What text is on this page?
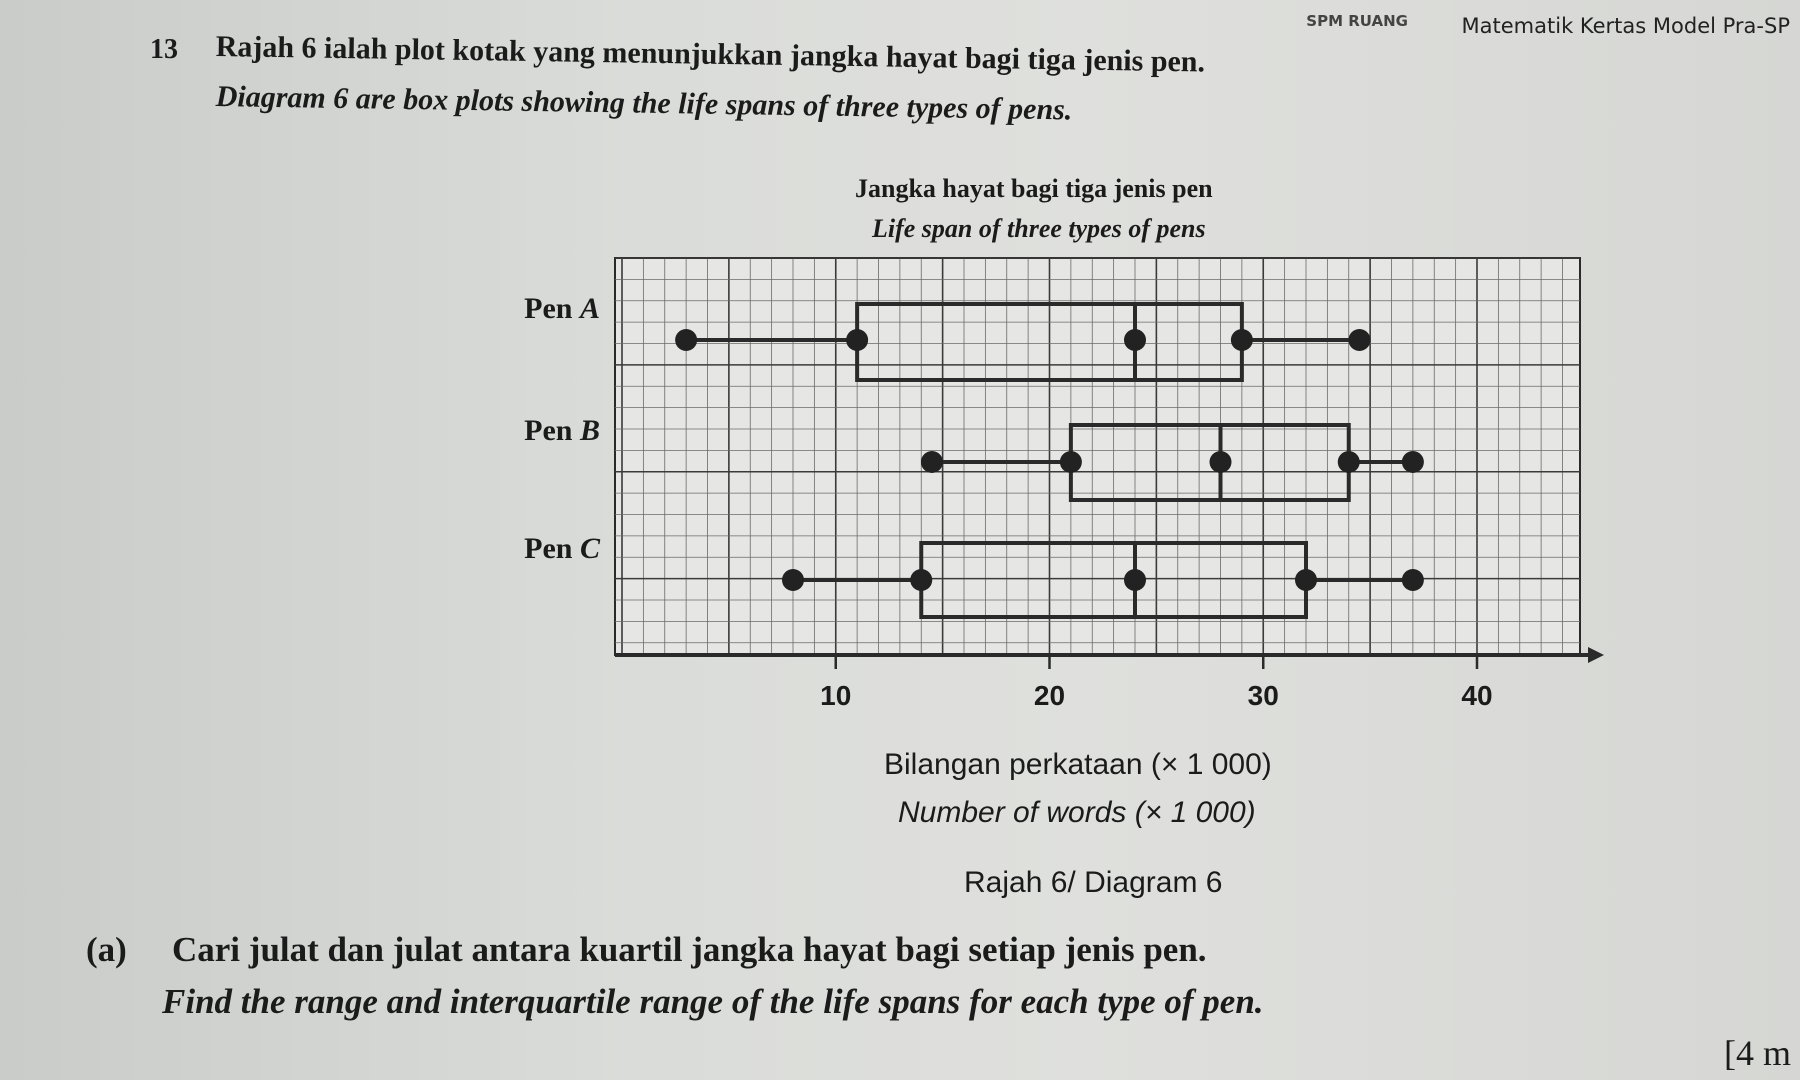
SPM RUANG	Matematik Kertas Model Pra-SP
13 Rajah 6 ialah plot kotak yang menunjukkan jangka hayat bagi tiga jenis pen.
Diagram 6 are box plots showing the life spans of three types of pens.
Jangka hayat bagi tiga jenis pen
Life span of three types of pens
10	20	30	40
Pen A
Pen B
Pen C
Bilangan perkataan (× 1 000)
Number of words (× 1 000)
Rajah 6/ Diagram 6
(a) Cari julat dan julat antara kuartil jangka hayat bagi setiap jenis pen.
Find the range and interquartile range of the life spans for each type of pen.
[4 m
